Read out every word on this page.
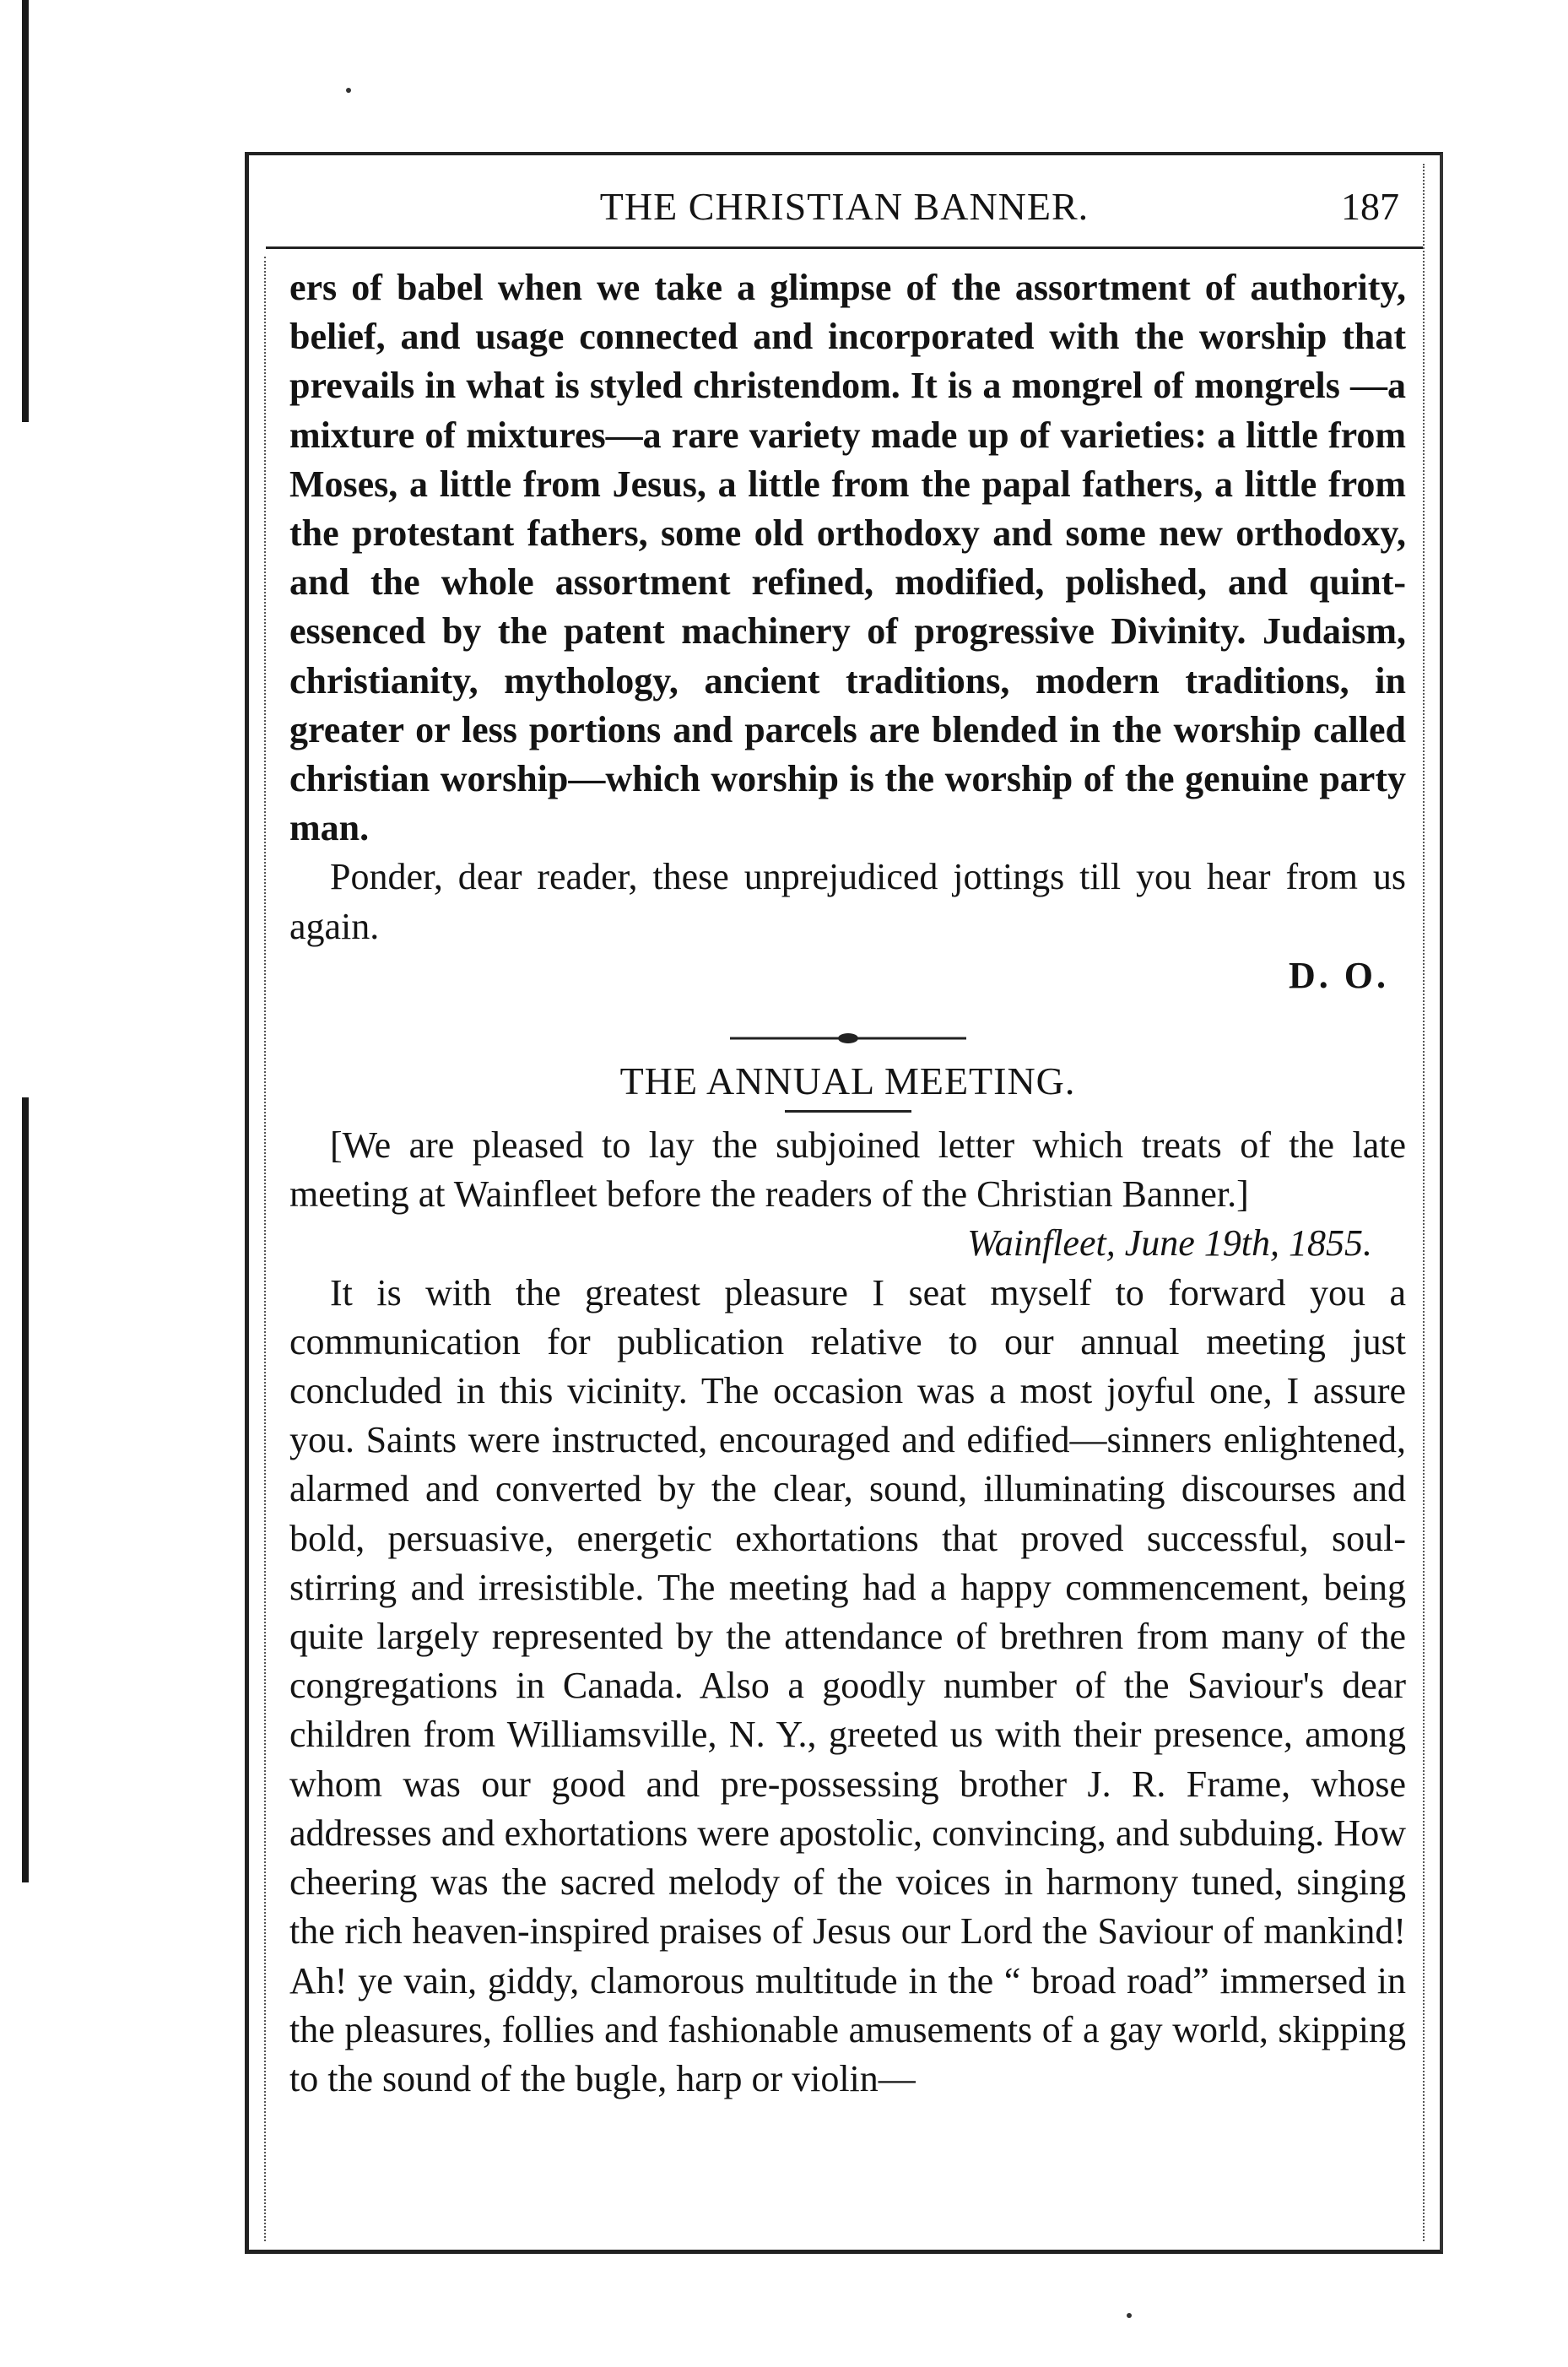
THE CHRISTIAN BANNER.	187

ers of babel when we take a glimpse of the assortment of authority, belief, and usage connected and incorporated with the worship that prevails in what is styled christendom. It is a mongrel of mongrels —a mixture of mixtures—a rare variety made up of varieties: a little from Moses, a little from Jesus, a little from the papal fathers, a little from the protestant fathers, some old orthodoxy and some new orthodoxy, and the whole assortment refined, modified, polished, and quint-essenced by the patent machinery of progressive Divinity. Judaism, christianity, mythology, ancient traditions, modern traditions, in greater or less portions and parcels are blended in the worship called christian worship—which worship is the worship of the genuine party man.

Ponder, dear reader, these unprejudiced jottings till you hear from us again.

D. O.

THE ANNUAL MEETING.

[We are pleased to lay the subjoined letter which treats of the late meeting at Wainfleet before the readers of the Christian Banner.]

Wainfleet, June 19th, 1855.

It is with the greatest pleasure I seat myself to forward you a communication for publication relative to our annual meeting just concluded in this vicinity. The occasion was a most joyful one, I assure you. Saints were instructed, encouraged and edified—sinners enlightened, alarmed and converted by the clear, sound, illuminating discourses and bold, persuasive, energetic exhortations that proved successful, soul-stirring and irresistible. The meeting had a happy commencement, being quite largely represented by the attendance of brethren from many of the congregations in Canada. Also a goodly number of the Saviour's dear children from Williamsville, N. Y., greeted us with their presence, among whom was our good and pre-possessing brother J. R. Frame, whose addresses and exhortations were apostolic, convincing, and subduing. How cheering was the sacred melody of the voices in harmony tuned, singing the rich heaven-inspired praises of Jesus our Lord the Saviour of mankind! Ah! ye vain, giddy, clamorous multitude in the “ broad road” immersed in the pleasures, follies and fashionable amusements of a gay world, skipping to the sound of the bugle, harp or violin—
